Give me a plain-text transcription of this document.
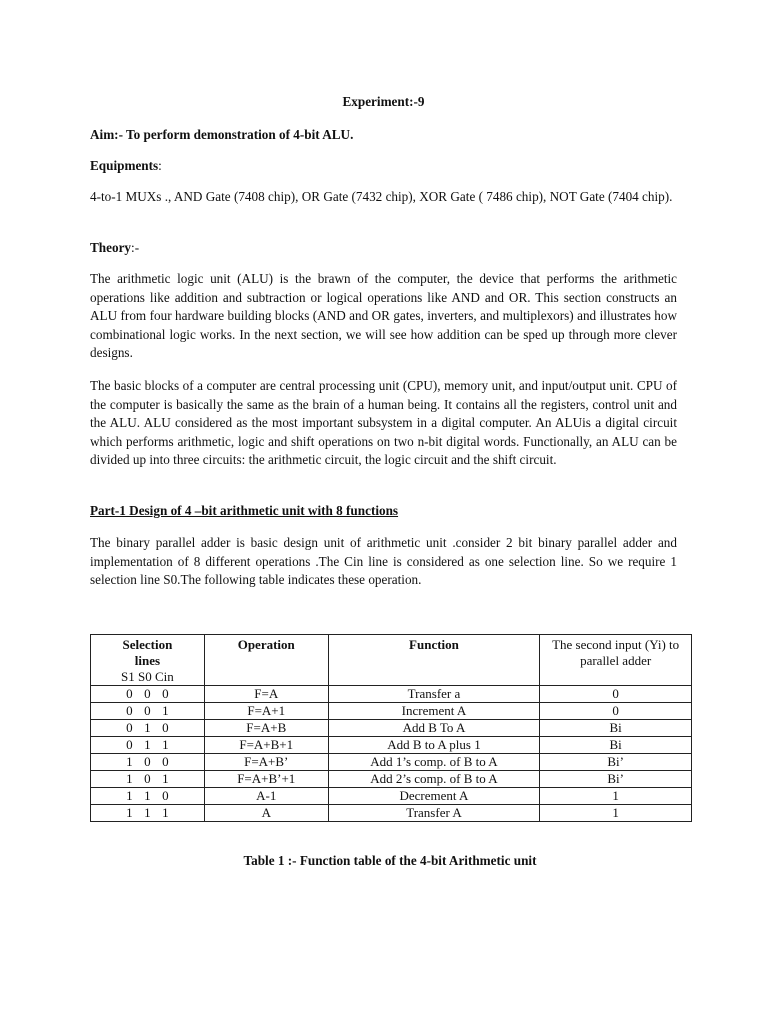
Experiment:-9
Aim:- To perform demonstration of 4-bit ALU.
Equipments:
4-to-1 MUXs ., AND Gate (7408 chip), OR Gate (7432 chip), XOR Gate ( 7486 chip), NOT Gate (7404 chip).
Theory:-
The arithmetic logic unit (ALU) is the brawn of the computer, the device that performs the arithmetic operations like addition and subtraction or logical operations like AND and OR. This section constructs an ALU from four hardware building blocks (AND and OR gates, inverters, and multiplexors) and illustrates how combinational logic works. In the next section, we will see how addition can be sped up through more clever designs.
The basic blocks of a computer are central processing unit (CPU), memory unit, and input/output unit. CPU of the computer is basically the same as the brain of a human being. It contains all the registers, control unit and the ALU. ALU considered as the most important subsystem in a digital computer. An ALUis a digital circuit which performs arithmetic, logic and shift operations on two n-bit digital words. Functionally, an ALU can be divided up into three circuits: the arithmetic circuit, the logic circuit and the shift circuit.
Part-1 Design of 4 –bit arithmetic unit with 8 functions
The binary parallel adder is basic design unit of arithmetic unit .consider 2 bit binary parallel adder and implementation of 8 different operations .The Cin line is considered as one selection line. So we require 1 selection line S0.The following table indicates these operation.
Selection
lines
S1 S0 Cin	Operation	Function	The second input (Yi) to parallel adder
0 0 0	F=A	Transfer a	0
0 0 1	F=A+1	Increment A	0
0 1 0	F=A+B	Add B To A	Bi
0 1 1	F=A+B+1	Add B to A plus 1	Bi
1 0 0	F=A+B’	Add 1’s comp. of B to A	Bi’
1 0 1	F=A+B’+1	Add 2’s comp. of B to A	Bi’
1 1 0	A-1	Decrement A	1
1 1 1	A	Transfer A	1
Table 1 :- Function table of the 4-bit Arithmetic unit
